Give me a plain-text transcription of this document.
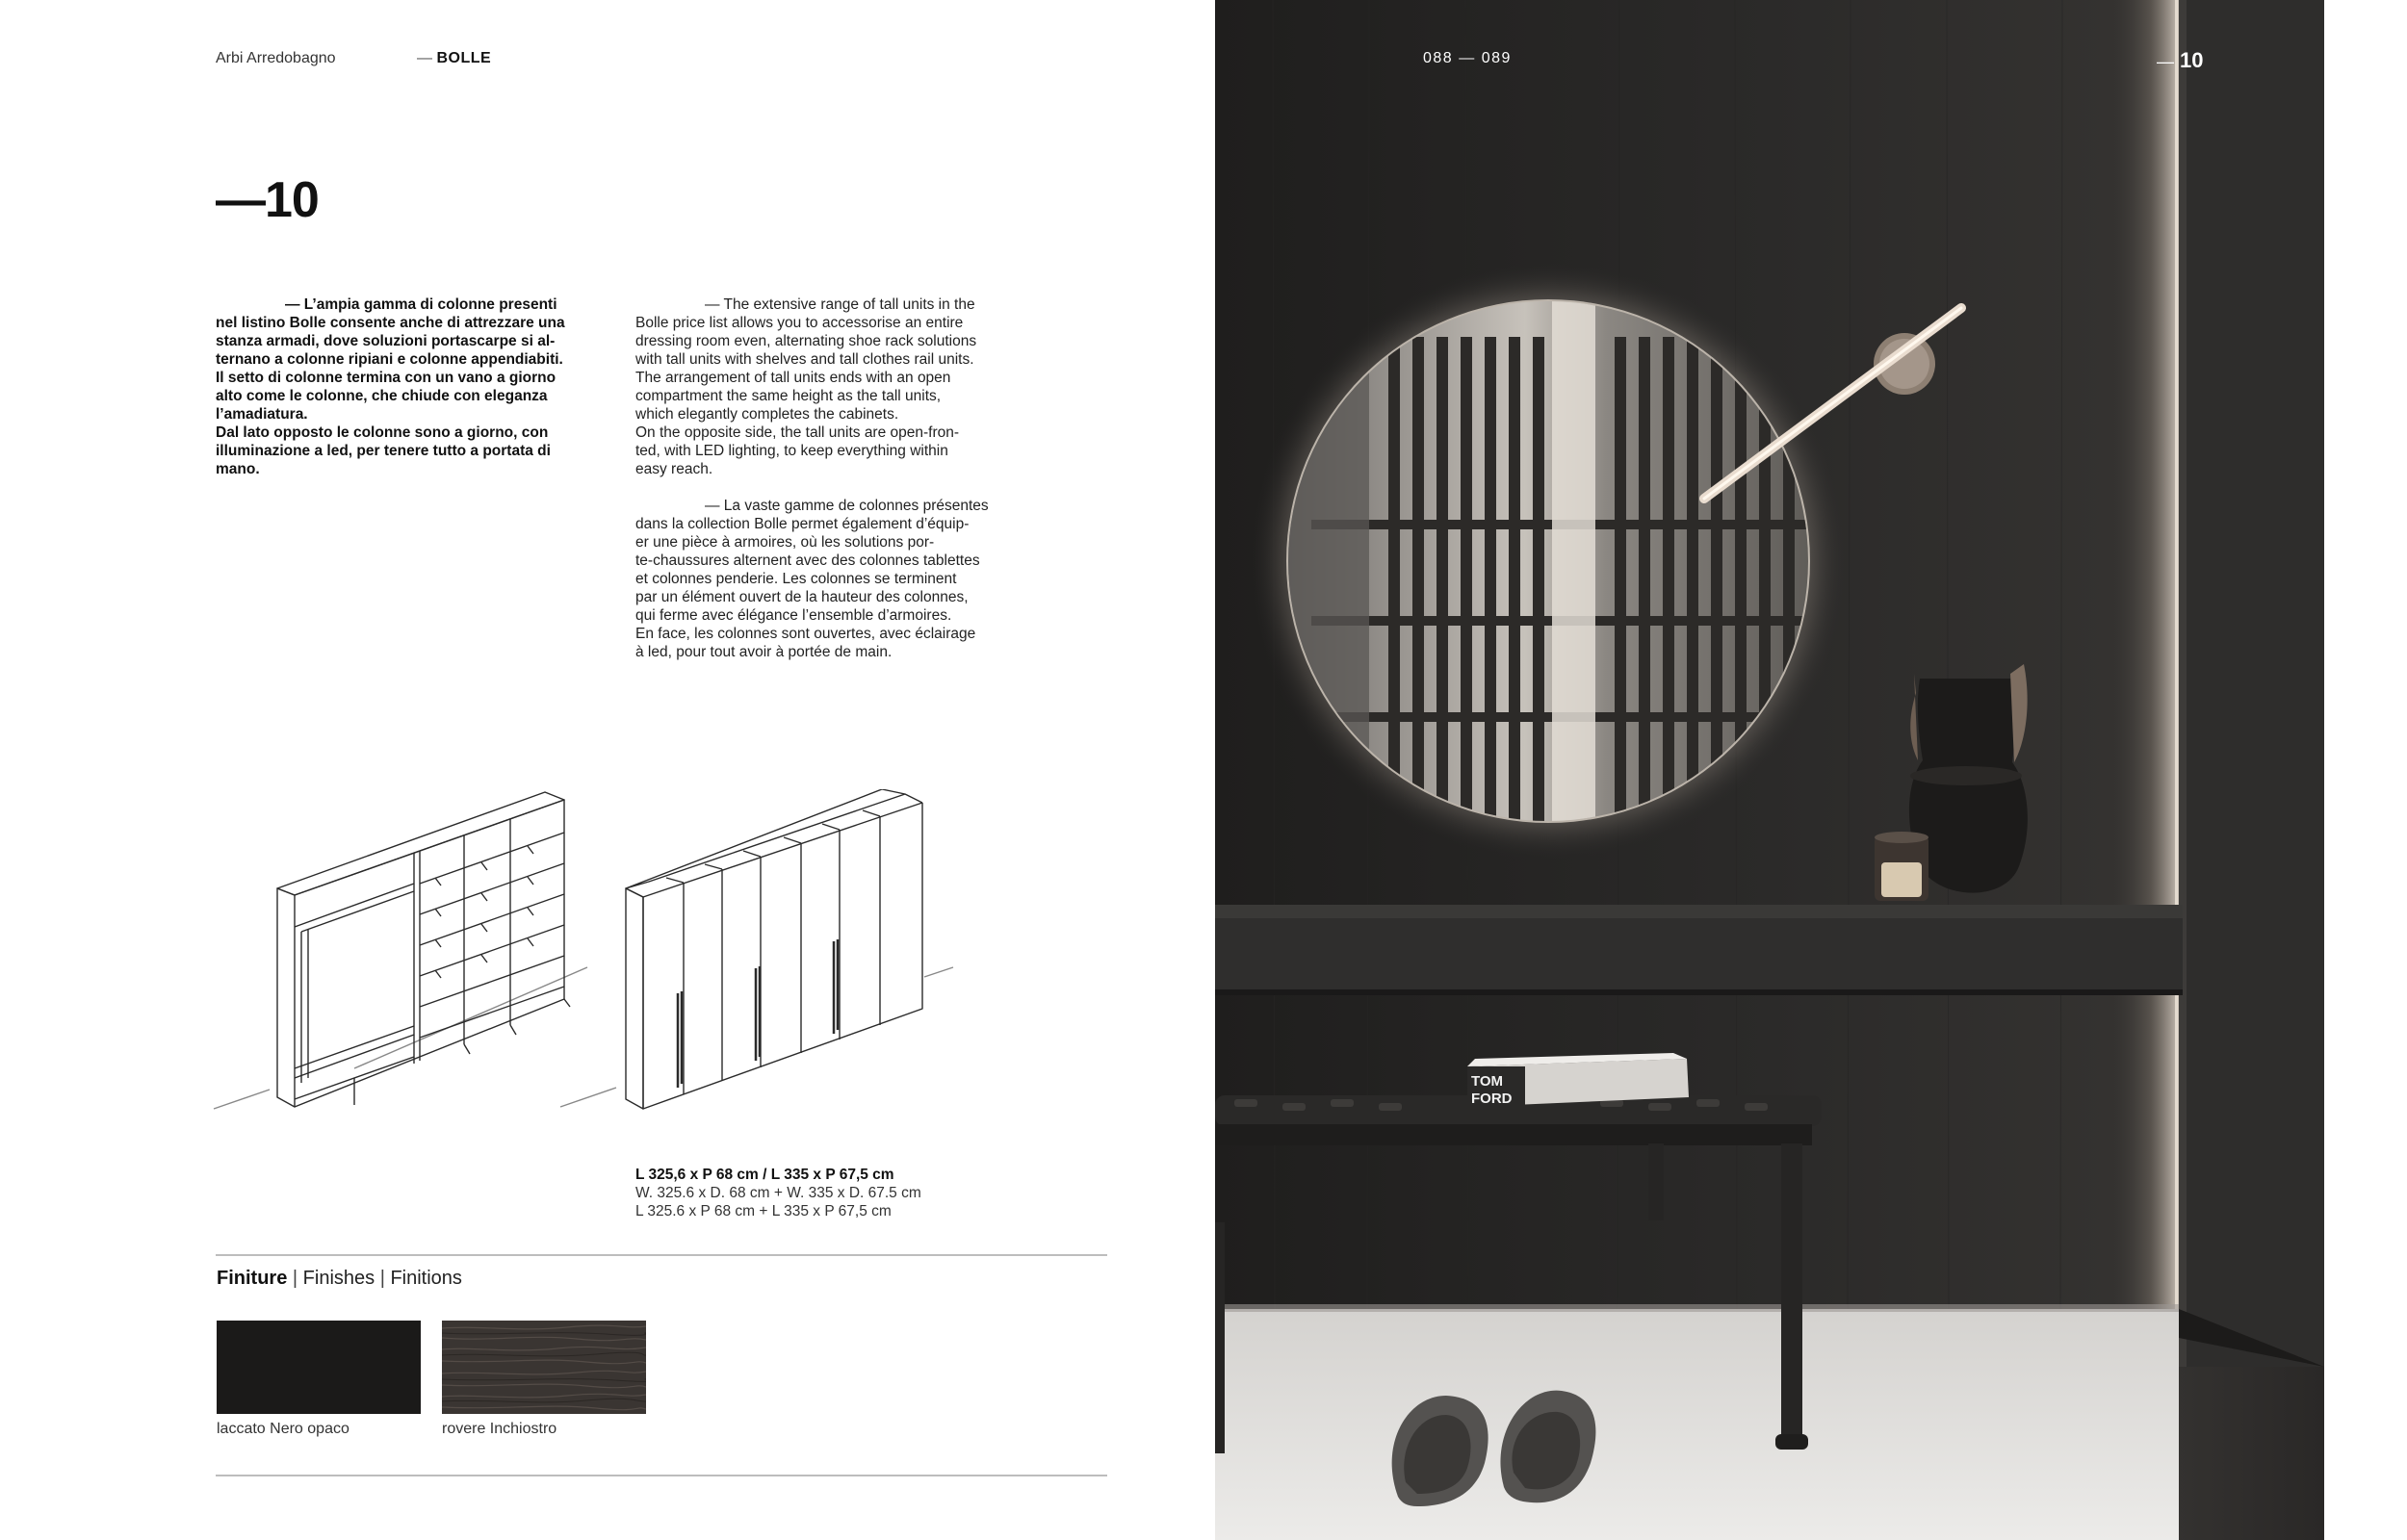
Arbi Arredobagno	— BOLLE
—10

— L’ampia gamma di colonne presenti
nel listino Bolle consente anche di attrezzare una
stanza armadi, dove soluzioni portascarpe si al-
ternano a colonne ripiani e colonne appendiabiti.
Il setto di colonne termina con un vano a giorno
alto come le colonne, che chiude con eleganza
l’amadiatura.
Dal lato opposto le colonne sono a giorno, con
illuminazione a led, per tenere tutto a portata di
mano.

— The extensive range of tall units in the
Bolle price list allows you to accessorise an entire
dressing room even, alternating shoe rack solutions
with tall units with shelves and tall clothes rail units.
The arrangement of tall units ends with an open
compartment the same height as the tall units,
which elegantly completes the cabinets.
On the opposite side, the tall units are open-fron-
ted, with LED lighting, to keep everything within
easy reach.

— La vaste gamme de colonnes présentes
dans la collection Bolle permet également d’équip-
er une pièce à armoires, où les solutions por-
te-chaussures alternent avec des colonnes tablettes
et colonnes penderie. Les colonnes se terminent
par un élément ouvert de la hauteur des colonnes,
qui ferme avec élégance l’ensemble d’armoires.
En face, les colonnes sont ouvertes, avec éclairage
à led, pour tout avoir à portée de main.

L 325,6 x P 68 cm / L 335 x P 67,5 cm
W. 325.6 x D. 68 cm + W. 335 x D. 67.5 cm
L 325.6 x P 68 cm + L 335 x P 67,5 cm
Finiture | Finishes | Finitions
laccato Nero opaco	rovere Inchiostro
TOM
FORD
088 — 089	— 10
